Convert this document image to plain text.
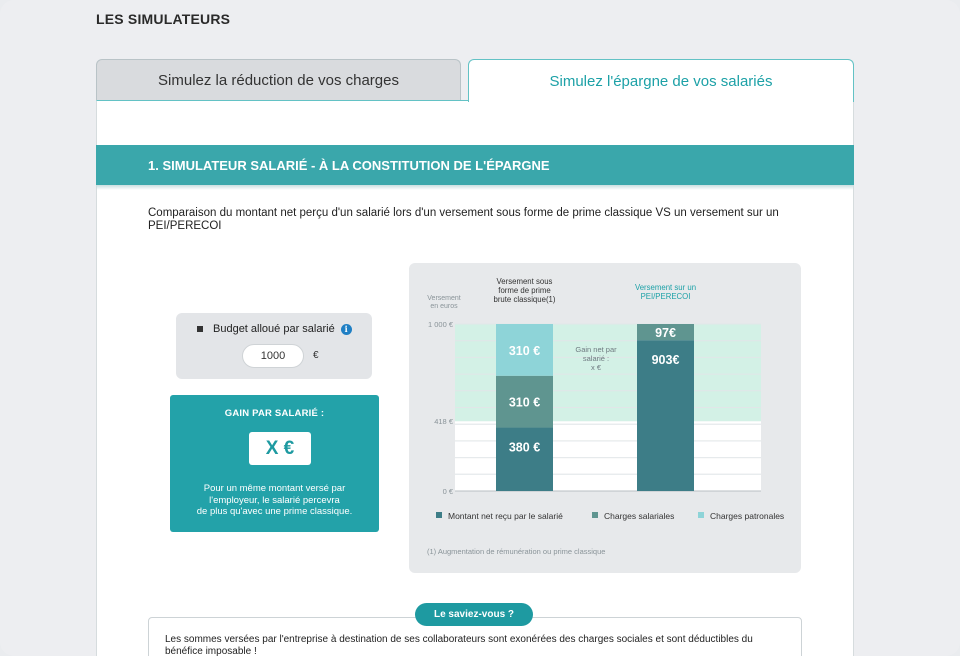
LES SIMULATEURS
Simulez la réduction de vos charges	Simulez l'épargne de vos salariés
1. SIMULATEUR SALARIÉ - À LA CONSTITUTION DE L'ÉPARGNE
Comparaison du montant net perçu d'un salarié lors d'un versement sous forme de prime classique VS un versement sur un PEI/PERECOI
Budget alloué par salarié	i
1000
€
GAIN PAR SALARIÉ :
X €
Pour un même montant versé par
l'employeur, le salarié percevra
de plus qu'avec une prime classique.
Versement
en euros
1 000 €
418 €
0 €
380 €
310 €
310 €
Versement sous
forme de prime
brute classique(1)
903€
97€
Versement sur un
PEI/PERECOI
Gain net par
salarié :
x €
Montant net reçu par le salarié	Charges salariales	Charges patronales
(1) Augmentation de rémunération ou prime classique
Le saviez-vous ?
Les sommes versées par l'entreprise à destination de ses collaborateurs sont exonérées des charges sociales et sont déductibles du bénéfice imposable !
